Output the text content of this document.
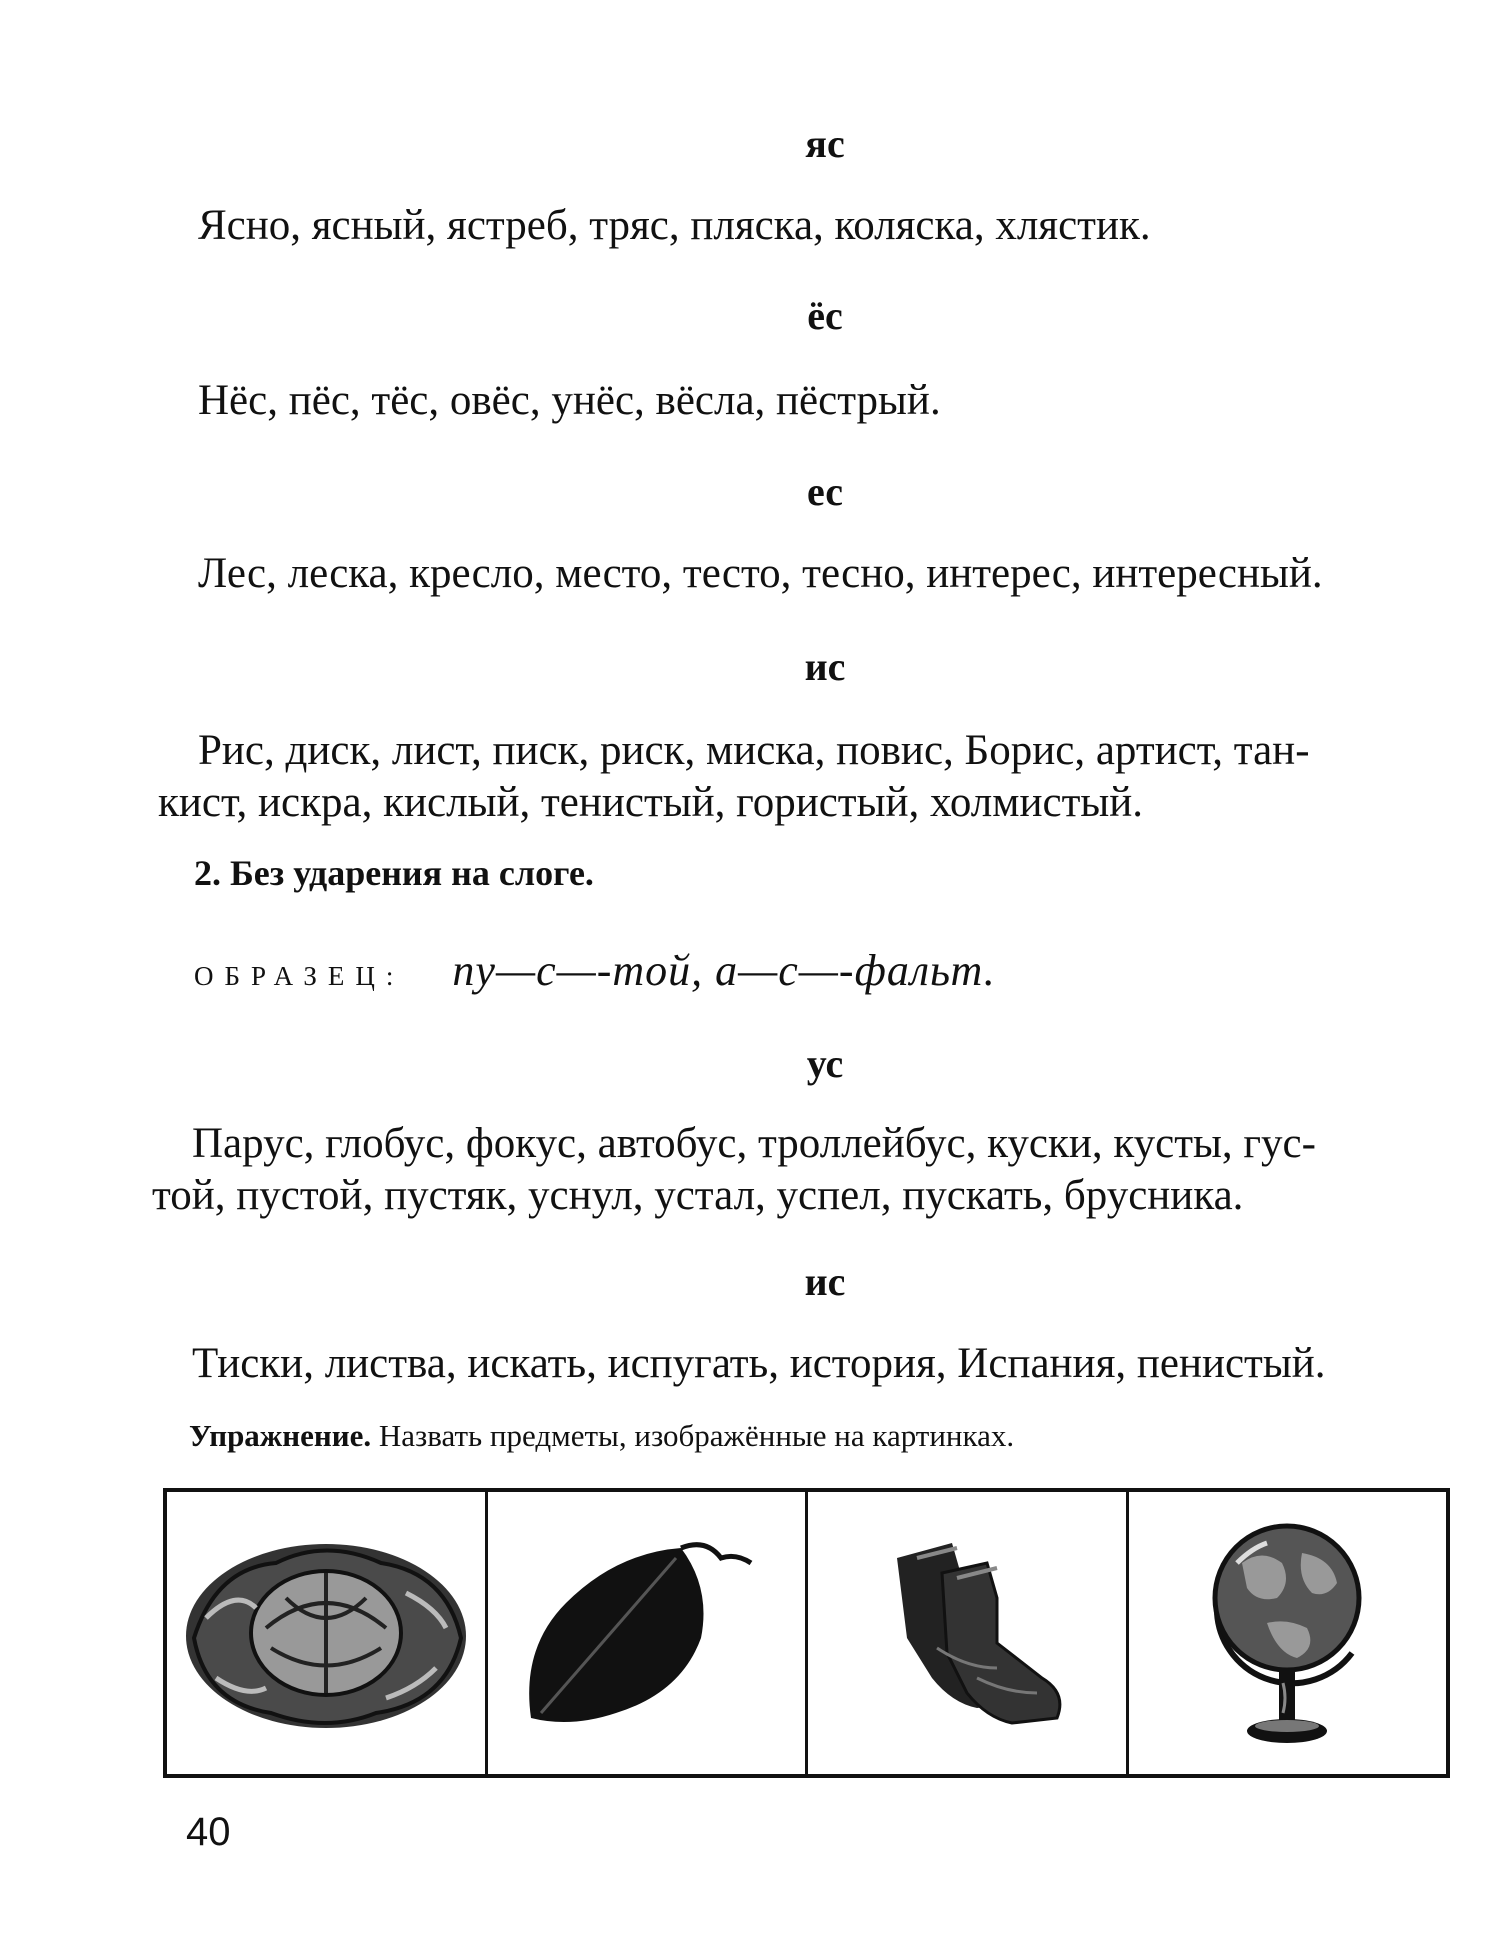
яс
Ясно, ясный, ястреб, тряс, пляска, коляска, хлястик.
ёс
Нёс, пёс, тёс, овёс, унёс, вёсла, пёстрый.
ес
Лес, леска, кресло, место, тесто, тесно, интерес, интересный.
ис
Рис, диск, лист, писк, риск, миска, повис, Борис, артист, тан-
кист, искра, кислый, тенистый, гористый, холмистый.
2. Без ударения на слоге.
ОБРАЗЕЦ: пу—с—-той, а—с—-фальт.
ус
Парус, глобус, фокус, автобус, троллейбус, куски, кусты, гус-
той, пустой, пустяк, уснул, устал, успел, пускать, брусника.
ис
Тиски, листва, искать, испугать, история, Испания, пенистый.
Упражнение. Назвать предметы, изображённые на картинках.
40
